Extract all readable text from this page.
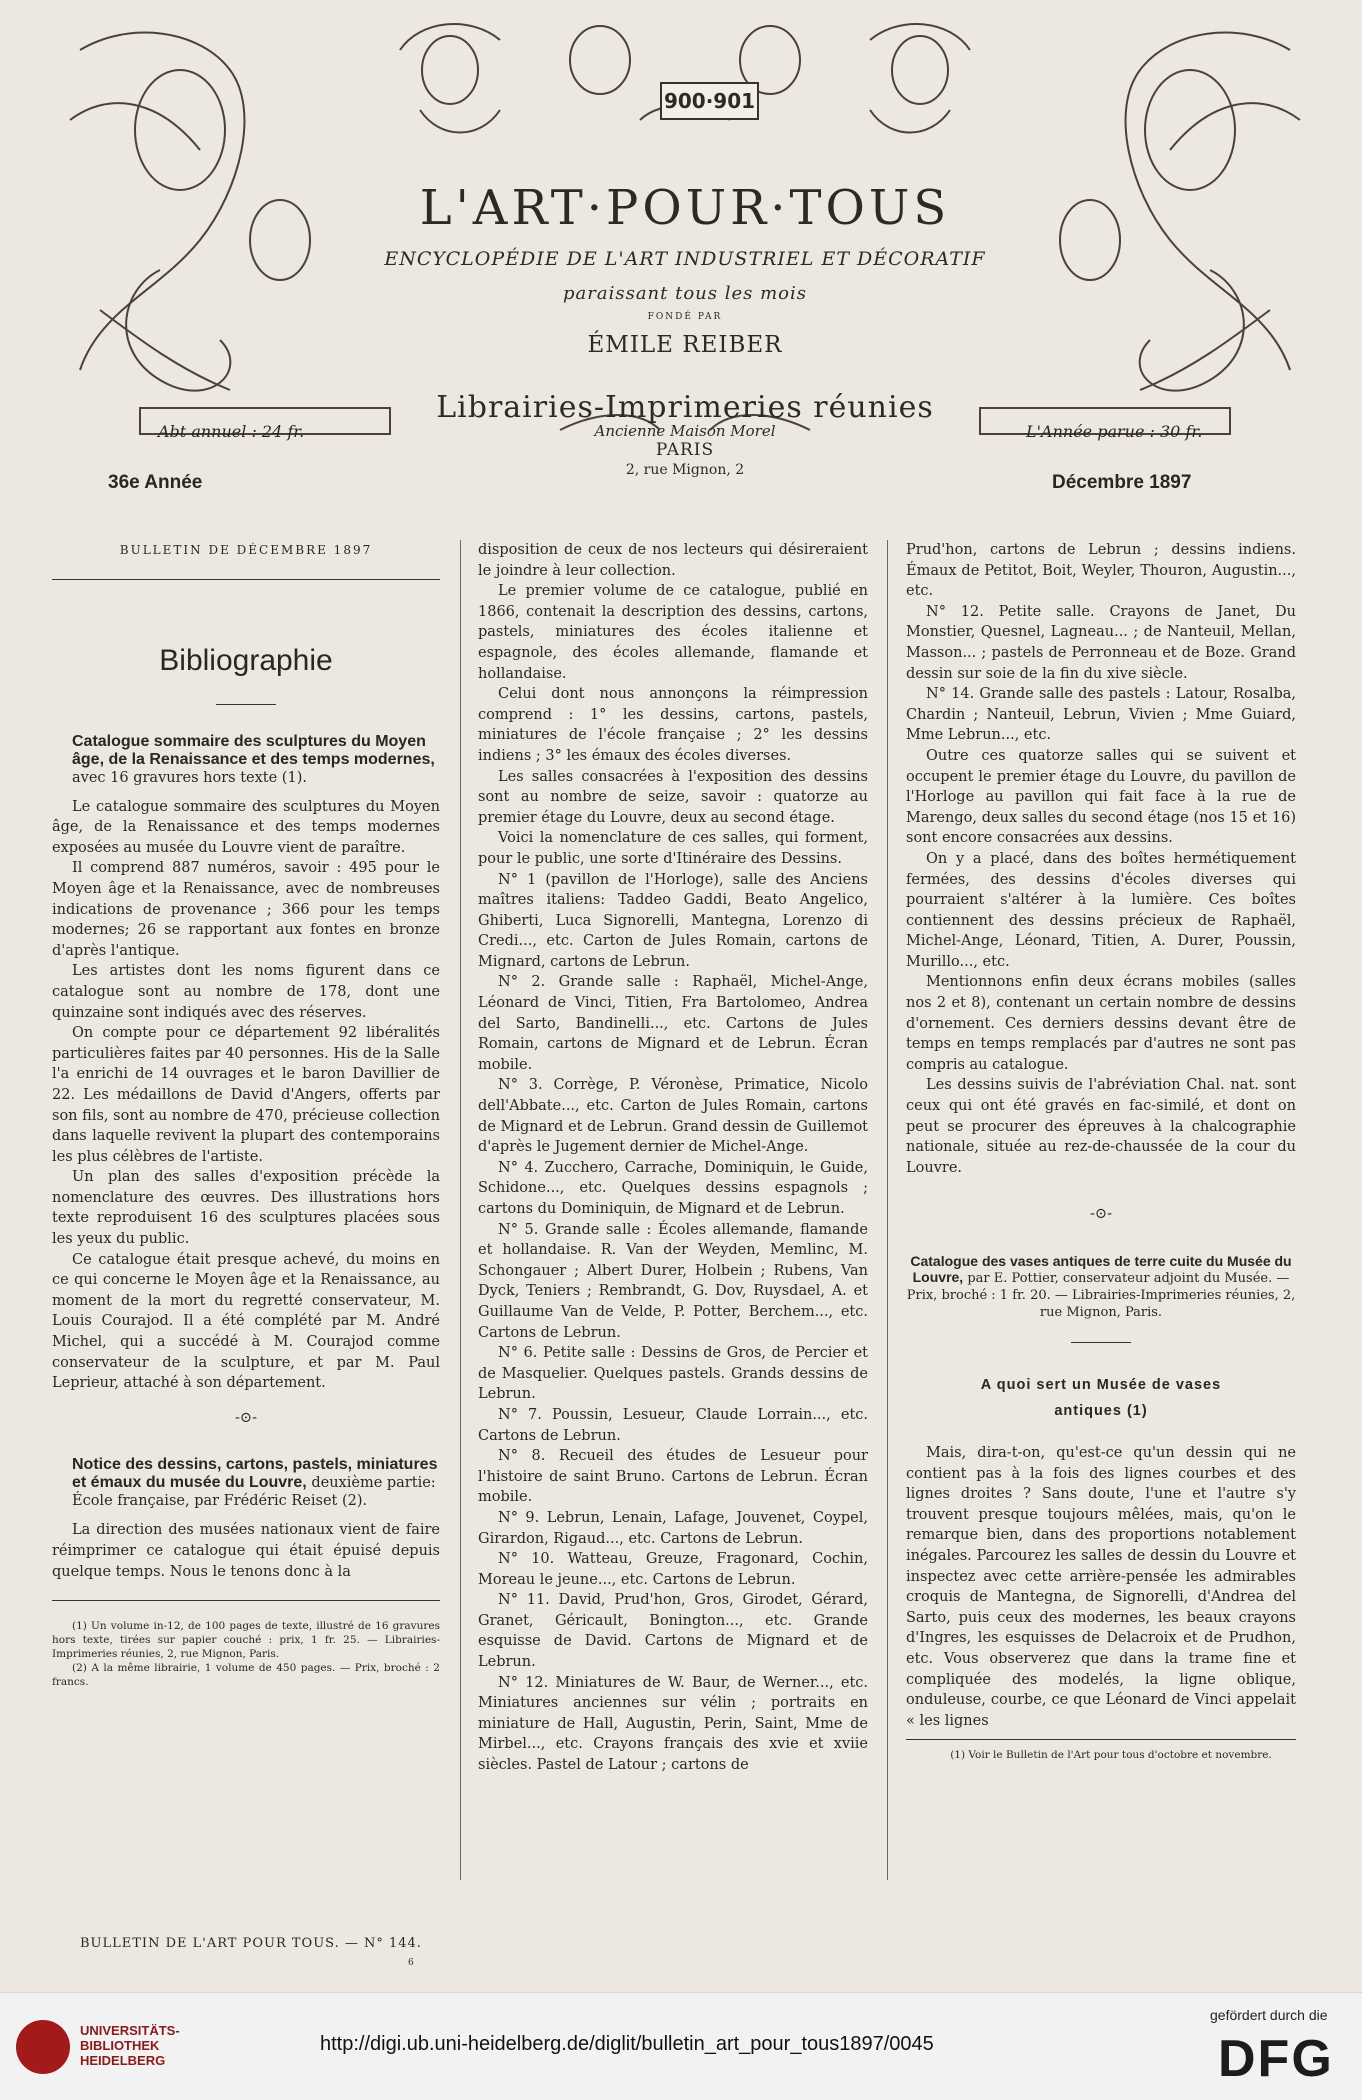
900·901
L'ART·POUR·TOUS
ENCYCLOPÉDIE DE L'ART INDUSTRIEL ET DÉCORATIF
paraissant tous les mois
FONDÉ PAR
ÉMILE REIBER
Librairies-Imprimeries réunies
Ancienne Maison Morel
PARIS
2, rue Mignon, 2
Abt annuel : 24 fr.	L'Année parue : 30 fr.
36e Année	Décembre 1897

BULLETIN DE DÉCEMBRE 1897

Bibliographie

Catalogue sommaire des sculptures du Moyen âge, de la Renaissance et des temps modernes, avec 16 gravures hors texte (1).

Le catalogue sommaire des sculptures du Moyen âge, de la Renaissance et des temps modernes exposées au musée du Louvre vient de paraître.

Il comprend 887 numéros, savoir : 495 pour le Moyen âge et la Renaissance, avec de nombreuses indications de provenance ; 366 pour les temps modernes; 26 se rapportant aux fontes en bronze d'après l'antique.

Les artistes dont les noms figurent dans ce catalogue sont au nombre de 178, dont une quinzaine sont indiqués avec des réserves.

On compte pour ce département 92 libéralités particulières faites par 40 personnes. His de la Salle l'a enrichi de 14 ouvrages et le baron Davillier de 22. Les médaillons de David d'Angers, offerts par son fils, sont au nombre de 470, précieuse collection dans laquelle revivent la plupart des contemporains les plus célèbres de l'artiste.

Un plan des salles d'exposition précède la nomenclature des œuvres. Des illustrations hors texte reproduisent 16 des sculptures placées sous les yeux du public.

Ce catalogue était presque achevé, du moins en ce qui concerne le Moyen âge et la Renaissance, au moment de la mort du regretté conservateur, M. Louis Courajod. Il a été complété par M. André Michel, qui a succédé à M. Courajod comme conservateur de la sculpture, et par M. Paul Leprieur, attaché à son département.

-⊙-

Notice des dessins, cartons, pastels, miniatures et émaux du musée du Louvre, deuxième partie: École française, par Frédéric Reiset (2).

La direction des musées nationaux vient de faire réimprimer ce catalogue qui était épuisé depuis quelque temps. Nous le tenons donc à la

(1) Un volume in-12, de 100 pages de texte, illustré de 16 gravures hors texte, tirées sur papier couché : prix, 1 fr. 25. — Librairies-Imprimeries réunies, 2, rue Mignon, Paris.

(2) A la même librairie, 1 volume de 450 pages. — Prix, broché : 2 francs.

disposition de ceux de nos lecteurs qui désireraient le joindre à leur collection.

Le premier volume de ce catalogue, publié en 1866, contenait la description des dessins, cartons, pastels, miniatures des écoles italienne et espagnole, des écoles allemande, flamande et hollandaise.

Celui dont nous annonçons la réimpression comprend : 1° les dessins, cartons, pastels, miniatures de l'école française ; 2° les dessins indiens ; 3° les émaux des écoles diverses.

Les salles consacrées à l'exposition des dessins sont au nombre de seize, savoir : quatorze au premier étage du Louvre, deux au second étage.

Voici la nomenclature de ces salles, qui forment, pour le public, une sorte d'Itinéraire des Dessins.

N° 1 (pavillon de l'Horloge), salle des Anciens maîtres italiens: Taddeo Gaddi, Beato Angelico, Ghiberti, Luca Signorelli, Mantegna, Lorenzo di Credi..., etc. Carton de Jules Romain, cartons de Mignard, cartons de Lebrun.

N° 2. Grande salle : Raphaël, Michel-Ange, Léonard de Vinci, Titien, Fra Bartolomeo, Andrea del Sarto, Bandinelli..., etc. Cartons de Jules Romain, cartons de Mignard et de Lebrun. Écran mobile.

N° 3. Corrège, P. Véronèse, Primatice, Nicolo dell'Abbate..., etc. Carton de Jules Romain, cartons de Mignard et de Lebrun. Grand dessin de Guillemot d'après le Jugement dernier de Michel-Ange.

N° 4. Zucchero, Carrache, Dominiquin, le Guide, Schidone..., etc. Quelques dessins espagnols ; cartons du Dominiquin, de Mignard et de Lebrun.

N° 5. Grande salle : Écoles allemande, flamande et hollandaise. R. Van der Weyden, Memlinc, M. Schongauer ; Albert Durer, Holbein ; Rubens, Van Dyck, Teniers ; Rembrandt, G. Dov, Ruysdael, A. et Guillaume Van de Velde, P. Potter, Berchem..., etc. Cartons de Lebrun.

N° 6. Petite salle : Dessins de Gros, de Percier et de Masquelier. Quelques pastels. Grands dessins de Lebrun.

N° 7. Poussin, Lesueur, Claude Lorrain..., etc. Cartons de Lebrun.

N° 8. Recueil des études de Lesueur pour l'histoire de saint Bruno. Cartons de Lebrun. Écran mobile.

N° 9. Lebrun, Lenain, Lafage, Jouvenet, Coypel, Girardon, Rigaud..., etc. Cartons de Lebrun.

N° 10. Watteau, Greuze, Fragonard, Cochin, Moreau le jeune..., etc. Cartons de Lebrun.

N° 11. David, Prud'hon, Gros, Girodet, Gérard, Granet, Géricault, Bonington..., etc. Grande esquisse de David. Cartons de Mignard et de Lebrun.

N° 12. Miniatures de W. Baur, de Werner..., etc. Miniatures anciennes sur vélin ; portraits en miniature de Hall, Augustin, Perin, Saint, Mme de Mirbel..., etc. Crayons français des xvie et xviie siècles. Pastel de Latour ; cartons de

Prud'hon, cartons de Lebrun ; dessins indiens. Émaux de Petitot, Boit, Weyler, Thouron, Augustin..., etc.

N° 12. Petite salle. Crayons de Janet, Du Monstier, Quesnel, Lagneau... ; de Nanteuil, Mellan, Masson... ; pastels de Perronneau et de Boze. Grand dessin sur soie de la fin du xive siècle.

N° 14. Grande salle des pastels : Latour, Rosalba, Chardin ; Nanteuil, Lebrun, Vivien ; Mme Guiard, Mme Lebrun..., etc.

Outre ces quatorze salles qui se suivent et occupent le premier étage du Louvre, du pavillon de l'Horloge au pavillon qui fait face à la rue de Marengo, deux salles du second étage (nos 15 et 16) sont encore consacrées aux dessins.

On y a placé, dans des boîtes hermétiquement fermées, des dessins d'écoles diverses qui pourraient s'altérer à la lumière. Ces boîtes contiennent des dessins précieux de Raphaël, Michel-Ange, Léonard, Titien, A. Durer, Poussin, Murillo..., etc.

Mentionnons enfin deux écrans mobiles (salles nos 2 et 8), contenant un certain nombre de dessins d'ornement. Ces derniers dessins devant être de temps en temps remplacés par d'autres ne sont pas compris au catalogue.

Les dessins suivis de l'abréviation Chal. nat. sont ceux qui ont été gravés en fac-similé, et dont on peut se procurer des épreuves à la chalcographie nationale, située au rez-de-chaussée de la cour du Louvre.

-⊙-

Catalogue des vases antiques de terre cuite du Musée du Louvre, par E. Pottier, conservateur adjoint du Musée. — Prix, broché : 1 fr. 20. — Librairies-Imprimeries réunies, 2, rue Mignon, Paris.

A quoi sert un Musée de vases

antiques (1)

Mais, dira-t-on, qu'est-ce qu'un dessin qui ne contient pas à la fois des lignes courbes et des lignes droites ? Sans doute, l'une et l'autre s'y trouvent presque toujours mêlées, mais, qu'on le remarque bien, dans des proportions notablement inégales. Parcourez les salles de dessin du Louvre et inspectez avec cette arrière-pensée les admirables croquis de Mantegna, de Signorelli, d'Andrea del Sarto, puis ceux des modernes, les beaux crayons d'Ingres, les esquisses de Delacroix et de Prudhon, etc. Vous observerez que dans la trame fine et compliquée des modelés, la ligne oblique, onduleuse, courbe, ce que Léonard de Vinci appelait « les lignes

(1) Voir le Bulletin de l'Art pour tous d'octobre et novembre.

BULLETIN DE L'ART POUR TOUS. — N° 144.
6
UNIVERSITÄTS-
BIBLIOTHEK
HEIDELBERG
http://digi.ub.uni-heidelberg.de/diglit/bulletin_art_pour_tous1897/0045
gefördert durch die
DFG
